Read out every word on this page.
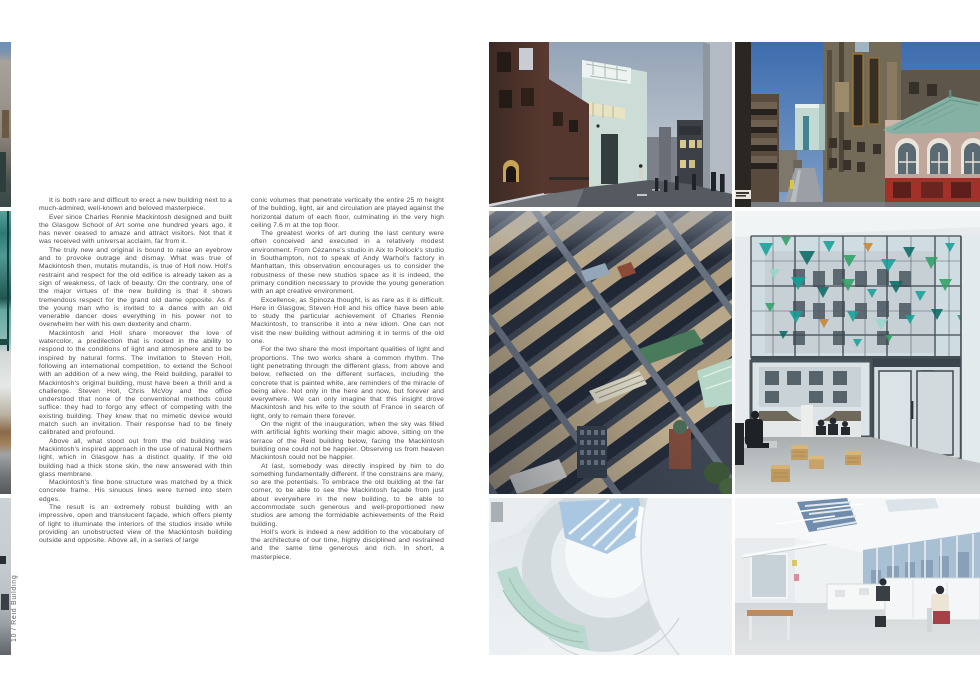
10 / Reid Building

It is both rare and difficult to erect a new building next to a much-admired, well-known and beloved masterpiece.

Ever since Charles Rennie Mackintosh designed and built the Glasgow School of Art some one hundred years ago, it has never ceased to amaze and attract visitors. Not that it was received with universal acclaim, far from it.

The truly new and original is bound to raise an eyebrow and to provoke outrage and dismay. What was true of Mackintosh then, mutatis mutandis, is true of Holl now. Holl's restraint and respect for the old edifice is already taken as a sign of weakness, of lack of beauty. On the contrary, one of the major virtues of the new building is that it shows tremendous respect for the grand old dame opposite. As if the young man who is invited to a dance with an old venerable dancer does everything in his power not to overwhelm her with his own dexterity and charm.

Mackintosh and Holl share moreover the love of watercolor, a predilection that is rooted in the ability to respond to the conditions of light and atmosphere and to be inspired by natural forms. The invitation to Steven Holl, following an international competition, to extend the School with an addition of a new wing, the Reid building, parallel to Mackintosh's original building, must have been a thrill and a challenge. Steven Holl, Chris McVoy and the office understood that none of the conventional methods could suffice: they had to forgo any effect of competing with the existing building. They knew that no mimetic device would match such an invitation. Their response had to be finely calibrated and profound.

Above all, what stood out from the old building was Mackintosh's inspired approach in the use of natural Northern light, which in Glasgow has a distinct quality. If the old building had a thick stone skin, the new answered with thin glass membrane.

Mackintosh's fine bone structure was matched by a thick concrete frame. His sinuous lines were turned into stern edges.

The result is an extremely robust building with an impressive, open and translucent façade, which offers plenty of light to illuminate the interiors of the studios inside while providing an unobstructed view of the Mackintosh building outside and opposite. Above all, in a series of large

conic volumes that penetrate vertically the entire 25 m height of the building, light, air and circulation are played against the horizontal datum of each floor, culminating in the very high ceiling 7.6 m at the top floor.

The greatest works of art during the last century were often conceived and executed in a relatively modest environment. From Cézanne's studio in Aix to Pollock's studio in Southampton, not to speak of Andy Warhol's factory in Manhattan, this observation encourages us to consider the robustness of these new studios space as it is indeed, the primary condition necessary to provide the young generation with an apt creative environment.

Excellence, as Spinoza thought, is as rare as it is difficult. Here in Glasgow, Steven Holl and his office have been able to study the particular achievement of Charles Rennie Mackintosh, to transcribe it into a new idiom. One can not visit the new building without admiring it in terms of the old one.

For the two share the most important qualities of light and proportions. The two works share a common rhythm. The light penetrating through the different glass, from above and below, reflected on the different surfaces, including the concrete that is painted white, are reminders of the miracle of being alive. Not only in the here and now, but forever and everywhere. We can only imagine that this insight drove Mackintosh and his wife to the south of France in search of light, only to remain there forever.

On the night of the inauguration, when the sky was filled with artificial lights working their magic above, sitting on the terrace of the Reid building below, facing the Mackintosh building one could not be happier. Observing us from heaven Mackintosh could not be happier.

At last, somebody was directly inspired by him to do something fundamentally different. If the constrains are many, so are the potentials. To embrace the old building at the far corner, to be able to see the Mackintosh façade from just about everywhere in the new building, to be able to accommodate such generous and well-proportioned new studios are among the formidable achievements of the Reid building.

Holl's work is indeed a new addition to the vocabulary of the architecture of our time, highly disciplined and restrained and the same time generous and rich. In short, a masterpiece.
